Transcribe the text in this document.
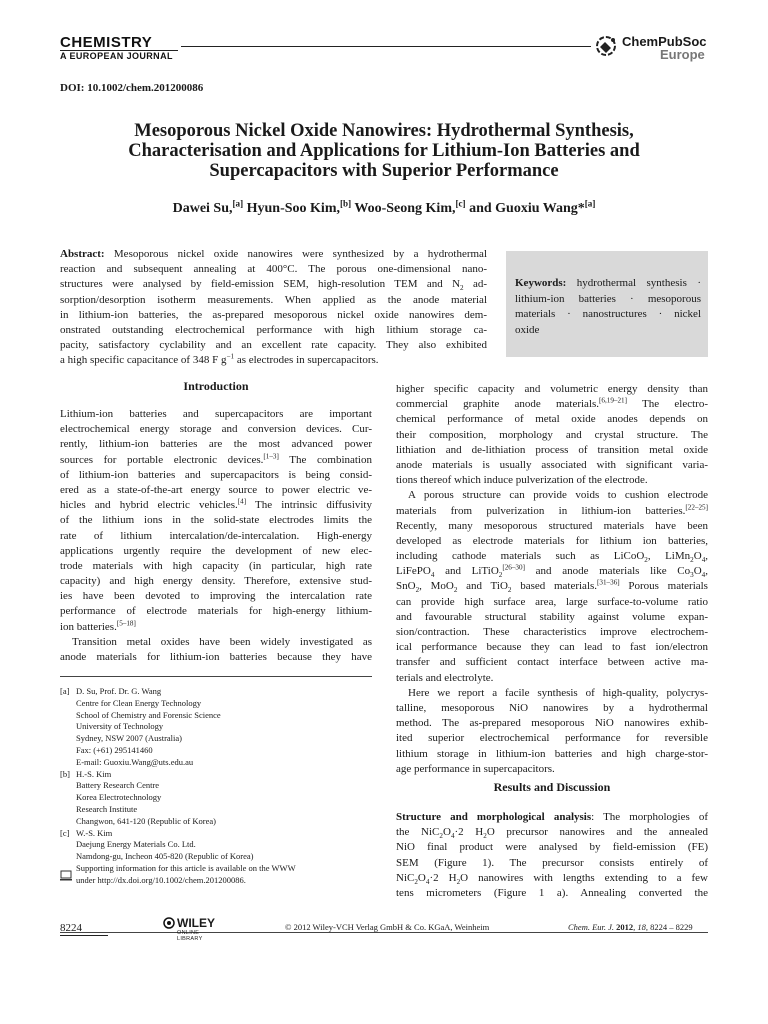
CHEMISTRY
A EUROPEAN JOURNAL
ChemPubSoc
Europe
DOI: 10.1002/chem.201200086
Mesoporous Nickel Oxide Nanowires: Hydrothermal Synthesis,
Characterisation and Applications for Lithium-Ion Batteries and
Supercapacitors with Superior Performance
Dawei Su,[a] Hyun-Soo Kim,[b] Woo-Seong Kim,[c] and Guoxiu Wang*[a]
Abstract: Mesoporous nickel oxide nanowires were synthesized by a hydrothermal
reaction and subsequent annealing at 400°C. The porous one-dimensional nano-
structures were analysed by field-emission SEM, high-resolution TEM and $N_2$ ad-
sorption/desorption isotherm measurements. When applied as the anode material
in lithium-ion batteries, the as-prepared mesoporous nickel oxide nanowires dem-
onstrated outstanding electrochemical performance with high lithium storage ca-
pacity, satisfactory cyclability and an excellent rate capacity. They also exhibited
a high specific capacitance of 348 F $g^{-1}$ as electrodes in supercapacitors.
Keywords: hydrothermal synthesis ·
lithium-ion batteries · mesoporous
materials · nanostructures · nickel
oxide
Introduction
Lithium-ion batteries and supercapacitors are important
electrochemical energy storage and conversion devices. Cur-
rently, lithium-ion batteries are the most advanced power
sources for portable electronic devices.[1–3] The combination
of lithium-ion batteries and supercapacitors is being consid-
ered as a state-of-the-art energy source to power electric ve-
hicles and hybrid electric vehicles.[4] The intrinsic diffusivity
of the lithium ions in the solid-state electrodes limits the
rate of lithium intercalation/de-intercalation. High-energy
applications urgently require the development of new elec-
trode materials with high capacity (in particular, high rate
capacity) and high energy density. Therefore, extensive stud-
ies have been devoted to improving the intercalation rate
performance of electrode materials for high-energy lithium-
ion batteries.[5–18]
Transition metal oxides have been widely investigated as
anode materials for lithium-ion batteries because they have
[a] D. Su, Prof. Dr. G. Wang
Centre for Clean Energy Technology
School of Chemistry and Forensic Science
University of Technology
Sydney, NSW 2007 (Australia)
Fax: (+61) 295141460
E-mail: Guoxiu.Wang@uts.edu.au
[b] H.-S. Kim
Battery Research Centre
Korea Electrotechnology
Research Institute
Changwon, 641-120 (Republic of Korea)
[c] W.-S. Kim
Daejung Energy Materials Co. Ltd.
Namdong-gu, Incheon 405-820 (Republic of Korea)
Supporting information for this article is available on the WWW
under http://dx.doi.org/10.1002/chem.201200086.
higher specific capacity and volumetric energy density than
commercial graphite anode materials.[6,19–21] The electro-
chemical performance of metal oxide anodes depends on
their composition, morphology and crystal structure. The
lithiation and de-lithiation process of transition metal oxide
anode materials is usually associated with significant varia-
tions thereof which induce pulverization of the electrode.
A porous structure can provide voids to cushion electrode
materials from pulverization in lithium-ion batteries.[22–25]
Recently, many mesoporous structured materials have been
developed as electrode materials for lithium ion batteries,
including cathode materials such as LiCoO$_2$, $LiMn_2O_4$,
LiFePO$_4$ and LiTiO$_2$[26–30] and anode materials like $Co_3O_4$,
SnO$_2$, MoO$_2$ and TiO$_2$ based materials.[31–36] Porous materials
can provide high surface area, large surface-to-volume ratio
and favourable structural stability against volume expan-
sion/contraction. These characteristics improve electrochem-
ical performance because they can lead to fast ion/electron
transfer and sufficient contact interface between active ma-
terials and electrolyte.
Here we report a facile synthesis of high-quality, polycrys-
talline, mesoporous NiO nanowires by a hydrothermal
method. The as-prepared mesoporous NiO nanowires exhib-
ited superior electrochemical performance for reversible
lithium storage in lithium-ion batteries and high charge-stor-
age performance in supercapacitors.
Results and Discussion
Structure and morphological analysis: The morphologies of
the $NiC_2O_4\cdot 2$ $H_2O$ precursor nanowires and the annealed
NiO final product were analysed by field-emission (FE)
SEM (Figure 1). The precursor consists entirely of
$NiC_2O_4\cdot 2$ $H_2O$ nanowires with lengths extending to a few
tens micrometers (Figure 1 a). Annealing converted the
8224	WILEY
ONLINE LIBRARY
© 2012 Wiley-VCH Verlag GmbH & Co. KGaA, Weinheim	Chem. Eur. J. 2012, 18, 8224 – 8229
